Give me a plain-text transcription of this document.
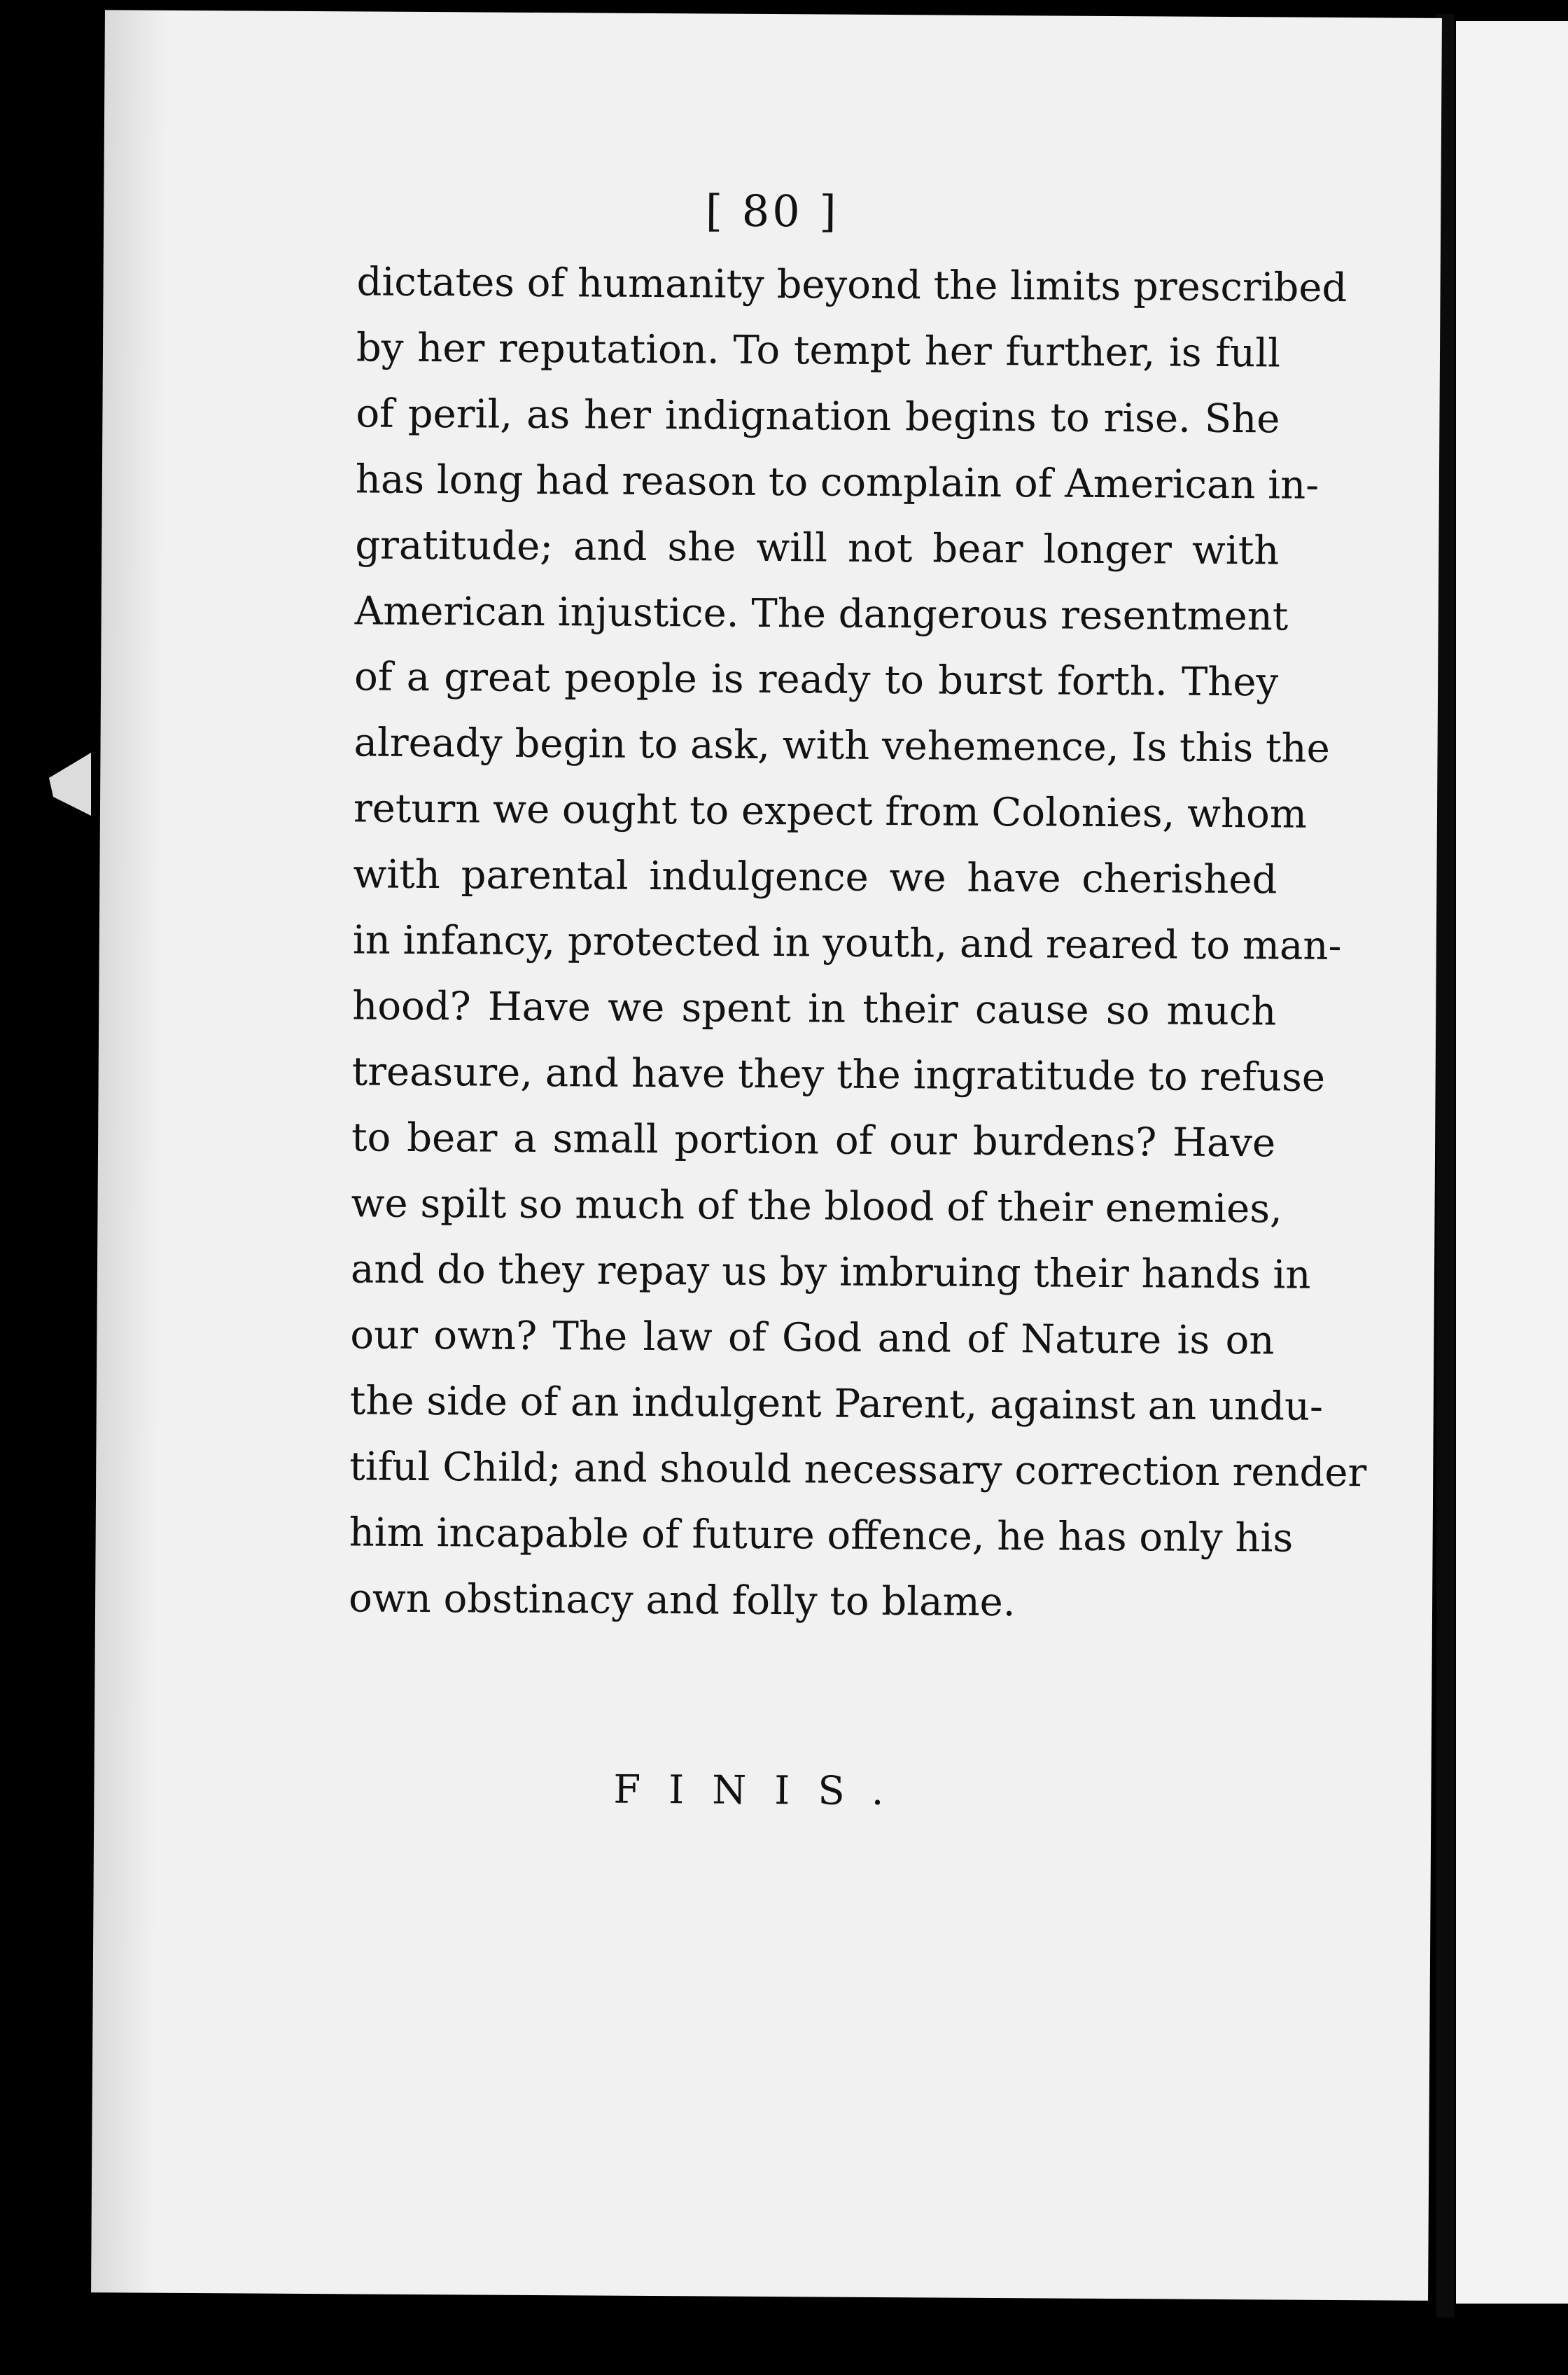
[ 80 ]
dictates of humanity beyond the limits prescribed
by her reputation. To tempt her further, is full
of peril, as her indignation begins to rise. She
has long had reason to complain of American in-
gratitude; and she will not bear longer with
American injustice. The dangerous resentment
of a great people is ready to burst forth. They
already begin to ask, with vehemence, Is this the
return we ought to expect from Colonies, whom
with parental indulgence we have cherished
in infancy, protected in youth, and reared to man-
hood? Have we spent in their cause so much
treasure, and have they the ingratitude to refuse
to bear a small portion of our burdens? Have
we spilt so much of the blood of their enemies,
and do they repay us by imbruing their hands in
our own? The law of God and of Nature is on
the side of an indulgent Parent, against an undu-
tiful Child; and should necessary correction render
him incapable of future offence, he has only his
own obstinacy and folly to blame.
FINIS.
